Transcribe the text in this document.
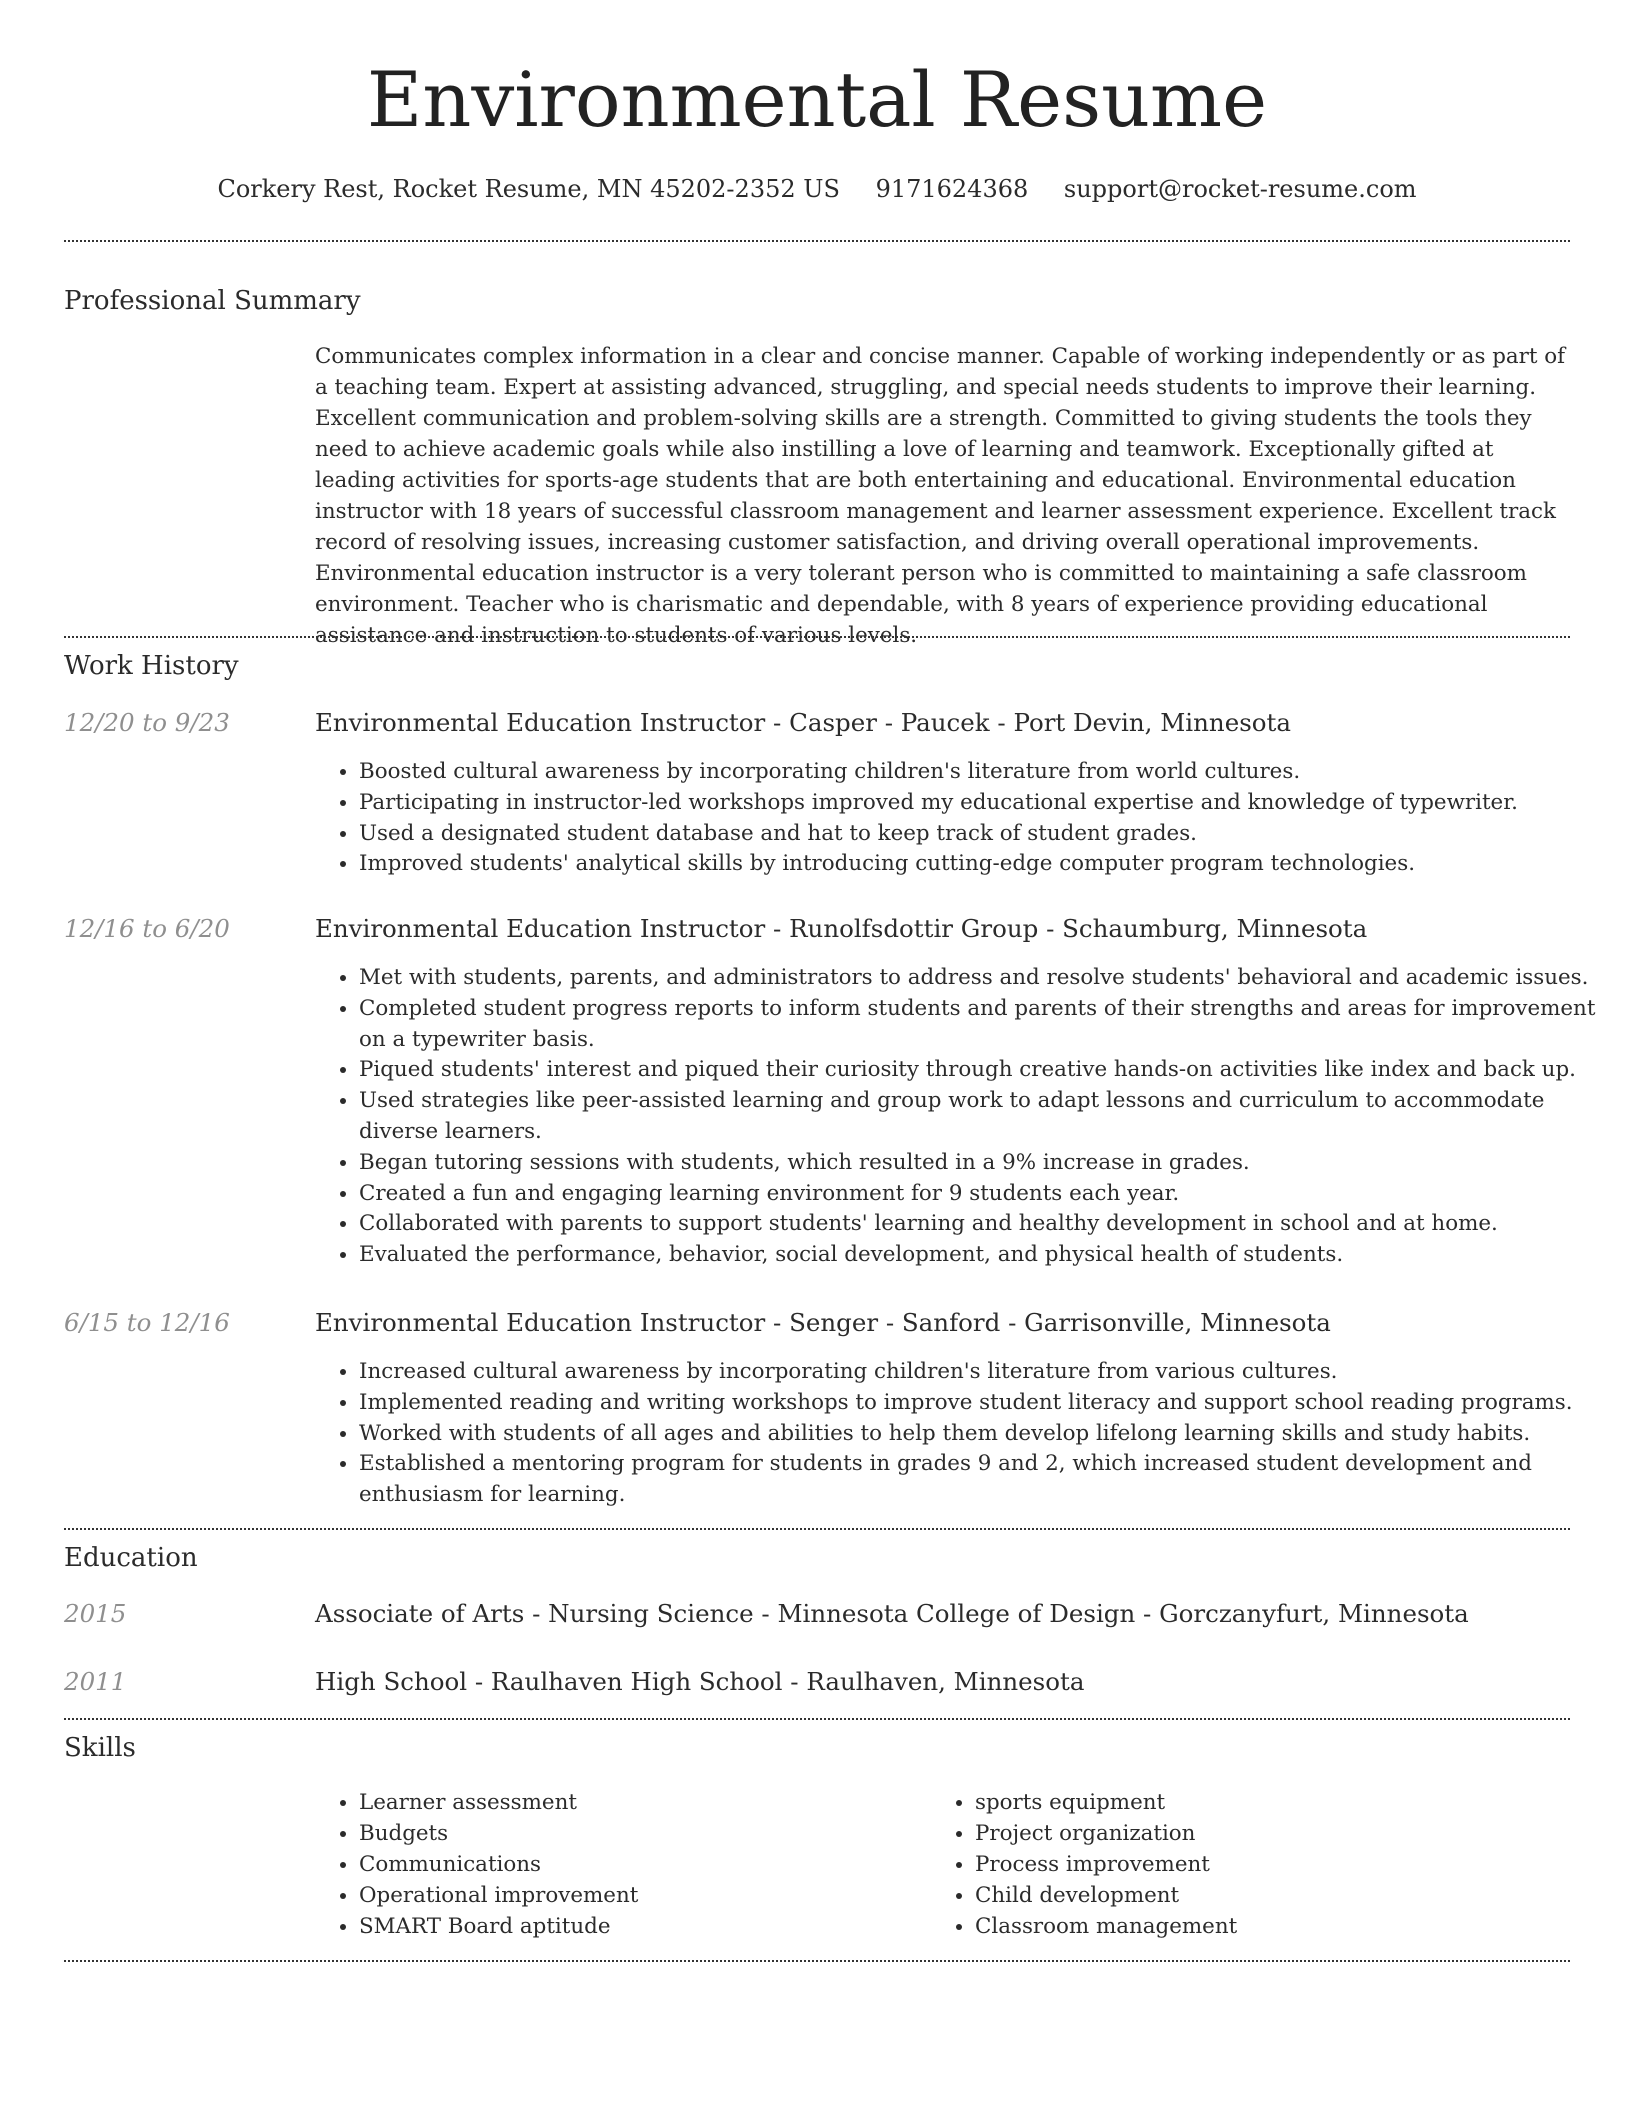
Environmental Resume
Corkery Rest, Rocket Resume, MN 45202-2352 US 9171624368 support@rocket-resume.com
Professional Summary
Communicates complex information in a clear and concise manner. Capable of working independently or as part of a teaching team. Expert at assisting advanced, struggling, and special needs students to improve their learning. Excellent communication and problem-solving skills are a strength. Committed to giving students the tools they need to achieve academic goals while also instilling a love of learning and teamwork. Exceptionally gifted at leading activities for sports-age students that are both entertaining and educational. Environmental education instructor with 18 years of successful classroom management and learner assessment experience. Excellent track record of resolving issues, increasing customer satisfaction, and driving overall operational improvements. Environmental education instructor is a very tolerant person who is committed to maintaining a safe classroom environment. Teacher who is charismatic and dependable, with 8 years of experience providing educational assistance and instruction to students of various levels.
Work History
12/20 to 9/23	Environmental Education Instructor - Casper - Paucek - Port Devin, Minnesota
• Boosted cultural awareness by incorporating children's literature from world cultures.
• Participating in instructor-led workshops improved my educational expertise and knowledge of typewriter.
• Used a designated student database and hat to keep track of student grades.
• Improved students' analytical skills by introducing cutting-edge computer program technologies.
12/16 to 6/20	Environmental Education Instructor - Runolfsdottir Group - Schaumburg, Minnesota
• Met with students, parents, and administrators to address and resolve students' behavioral and academic issues.
• Completed student progress reports to inform students and parents of their strengths and areas for improvement on a typewriter basis.
• Piqued students' interest and piqued their curiosity through creative hands-on activities like index and back up.
• Used strategies like peer-assisted learning and group work to adapt lessons and curriculum to accommodate diverse learners.
• Began tutoring sessions with students, which resulted in a 9% increase in grades.
• Created a fun and engaging learning environment for 9 students each year.
• Collaborated with parents to support students' learning and healthy development in school and at home.
• Evaluated the performance, behavior, social development, and physical health of students.
6/15 to 12/16	Environmental Education Instructor - Senger - Sanford - Garrisonville, Minnesota
• Increased cultural awareness by incorporating children's literature from various cultures.
• Implemented reading and writing workshops to improve student literacy and support school reading programs.
• Worked with students of all ages and abilities to help them develop lifelong learning skills and study habits.
• Established a mentoring program for students in grades 9 and 2, which increased student development and enthusiasm for learning.
Education
2015	Associate of Arts - Nursing Science - Minnesota College of Design - Gorczanyfurt, Minnesota
2011	High School - Raulhaven High School - Raulhaven, Minnesota
Skills
• Learner assessment
• Budgets
• Communications
• Operational improvement
• SMART Board aptitude
• sports equipment
• Project organization
• Process improvement
• Child development
• Classroom management
